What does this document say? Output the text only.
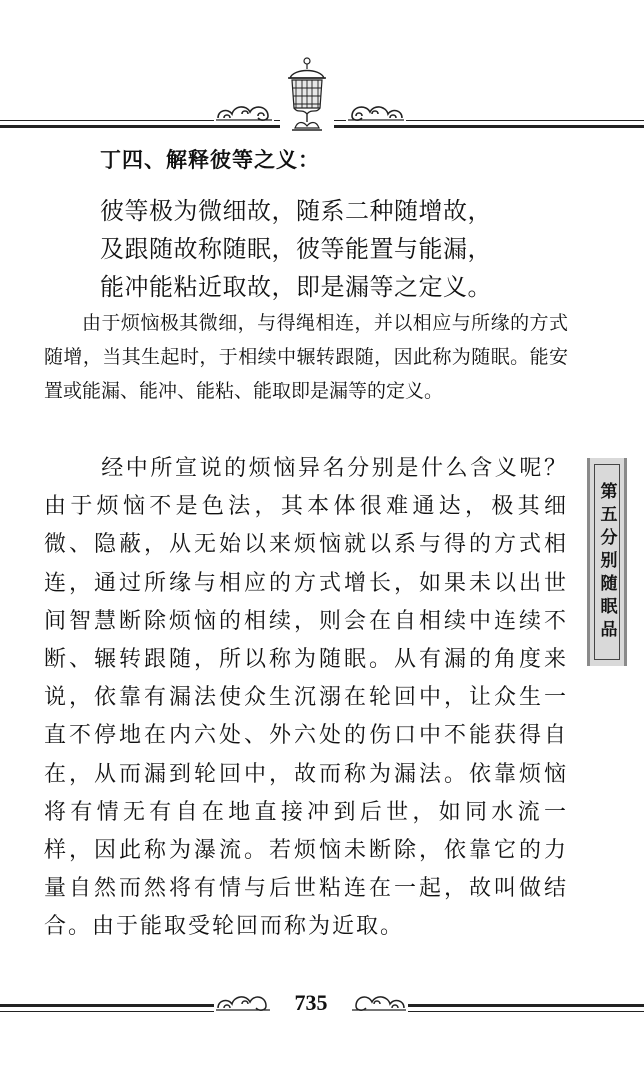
丁四、解释彼等之义：
彼等极为微细故，随系二种随增故，
及跟随故称随眠，彼等能置与能漏，
能冲能粘近取故，即是漏等之定义。
由于烦恼极其微细，与得绳相连，并以相应与所缘的方式随增，当其生起时，于相续中辗转跟随，因此称为随眠。能安置或能漏、能冲、能粘、能取即是漏等的定义。
经中所宣说的烦恼异名分别是什么含义呢？由于烦恼不是色法，其本体很难通达，极其细微、隐蔽，从无始以来烦恼就以系与得的方式相连，通过所缘与相应的方式增长，如果未以出世间智慧断除烦恼的相续，则会在自相续中连续不断、辗转跟随，所以称为随眠。从有漏的角度来说，依靠有漏法使众生沉溺在轮回中，让众生一直不停地在内六处、外六处的伤口中不能获得自在，从而漏到轮回中，故而称为漏法。依靠烦恼将有情无有自在地直接冲到后世，如同水流一样，因此称为瀑流。若烦恼未断除，依靠它的力量自然而然将有情与后世粘连在一起，故叫做结合。由于能取受轮回而称为近取。
第五分别随眠品
735
